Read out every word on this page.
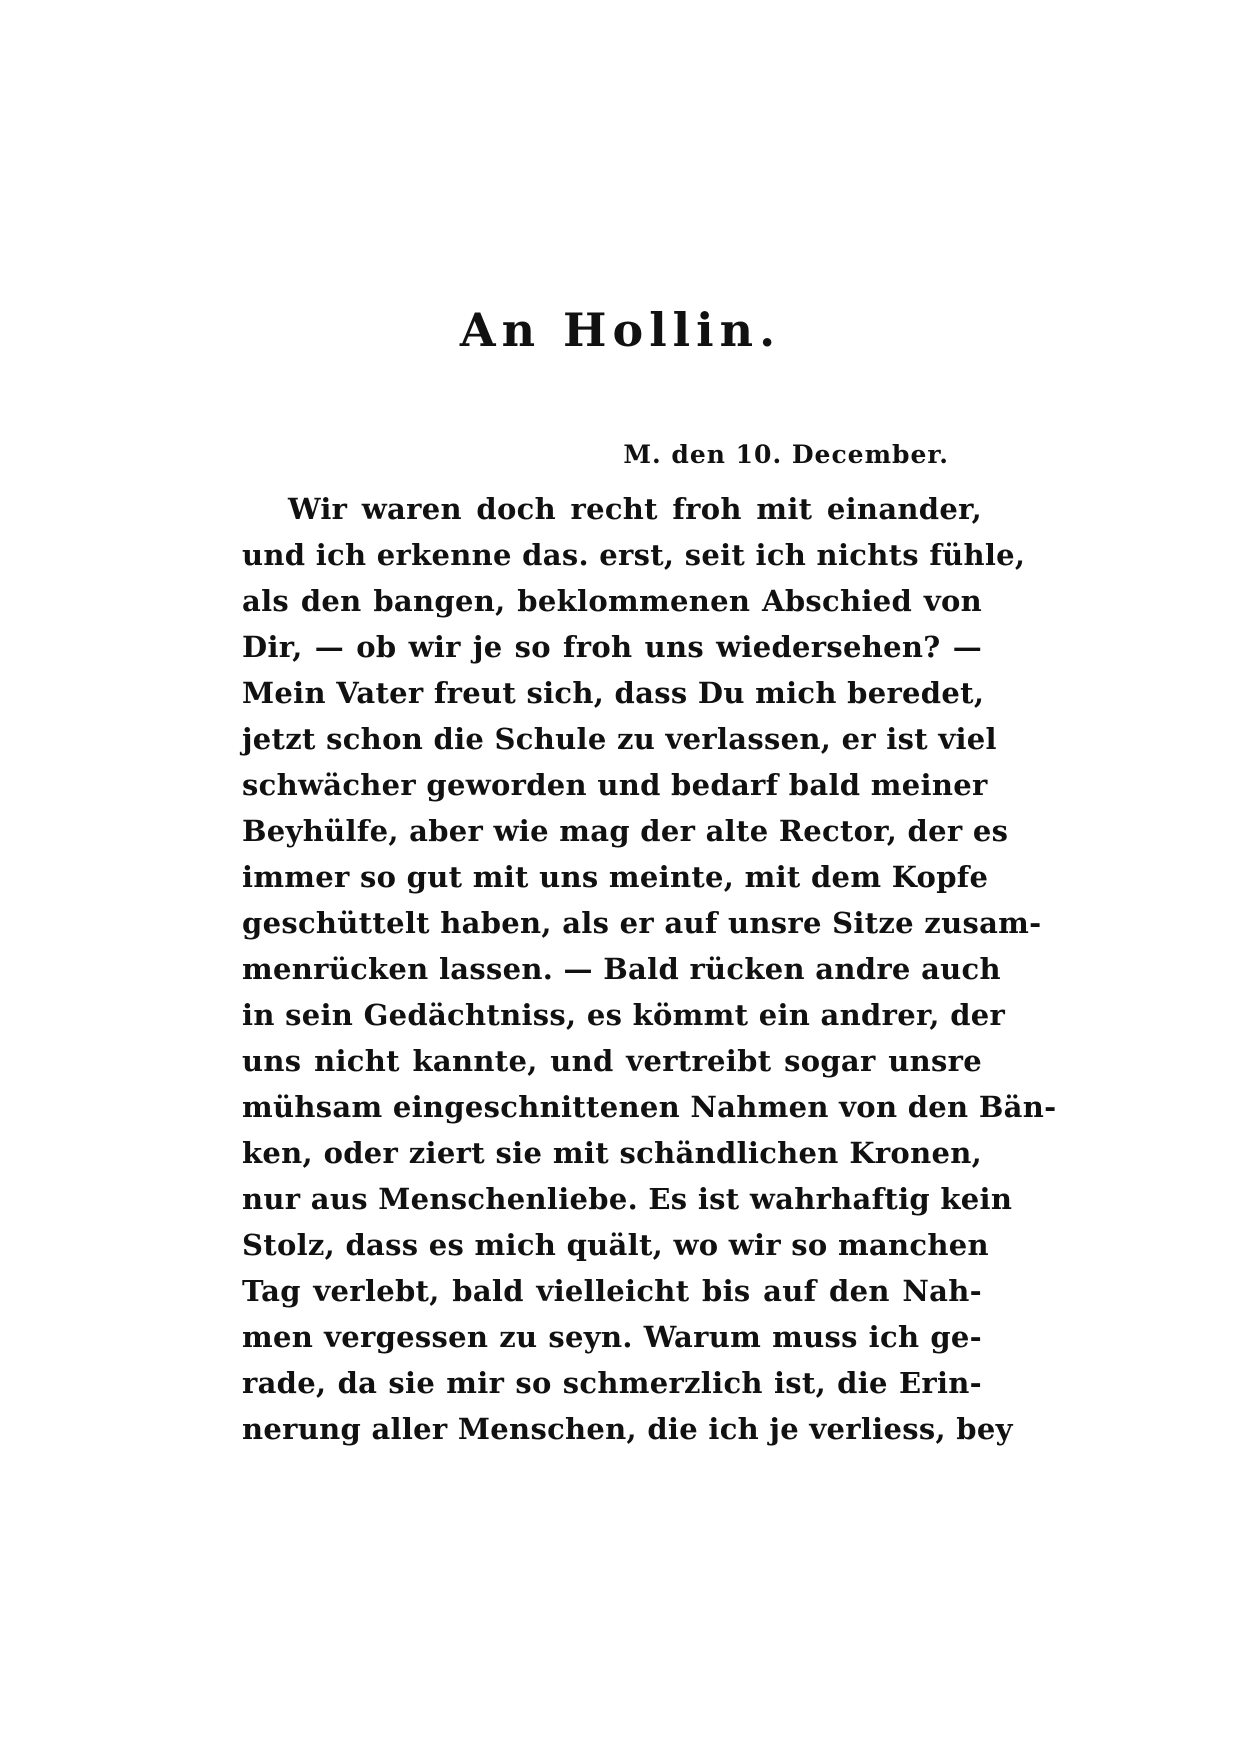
An Hollin.
M. den 10. December.
Wir waren doch recht froh mit einander,
und ich erkenne das. erst, seit ich nichts fühle,
als den bangen, beklommenen Abschied von
Dir, — ob wir je so froh uns wiedersehen? —
Mein Vater freut sich, dass Du mich beredet,
jetzt schon die Schule zu verlassen, er ist viel
schwächer geworden und bedarf bald meiner
Beyhülfe, aber wie mag der alte Rector, der es
immer so gut mit uns meinte, mit dem Kopfe
geschüttelt haben, als er auf unsre Sitze zusam-
menrücken lassen. — Bald rücken andre auch
in sein Gedächtniss, es kömmt ein andrer, der
uns nicht kannte, und vertreibt sogar unsre
mühsam eingeschnittenen Nahmen von den Bän-
ken, oder ziert sie mit schändlichen Kronen,
nur aus Menschenliebe. Es ist wahrhaftig kein
Stolz, dass es mich quält, wo wir so manchen
Tag verlebt, bald vielleicht bis auf den Nah-
men vergessen zu seyn. Warum muss ich ge-
rade, da sie mir so schmerzlich ist, die Erin-
nerung aller Menschen, die ich je verliess, bey
